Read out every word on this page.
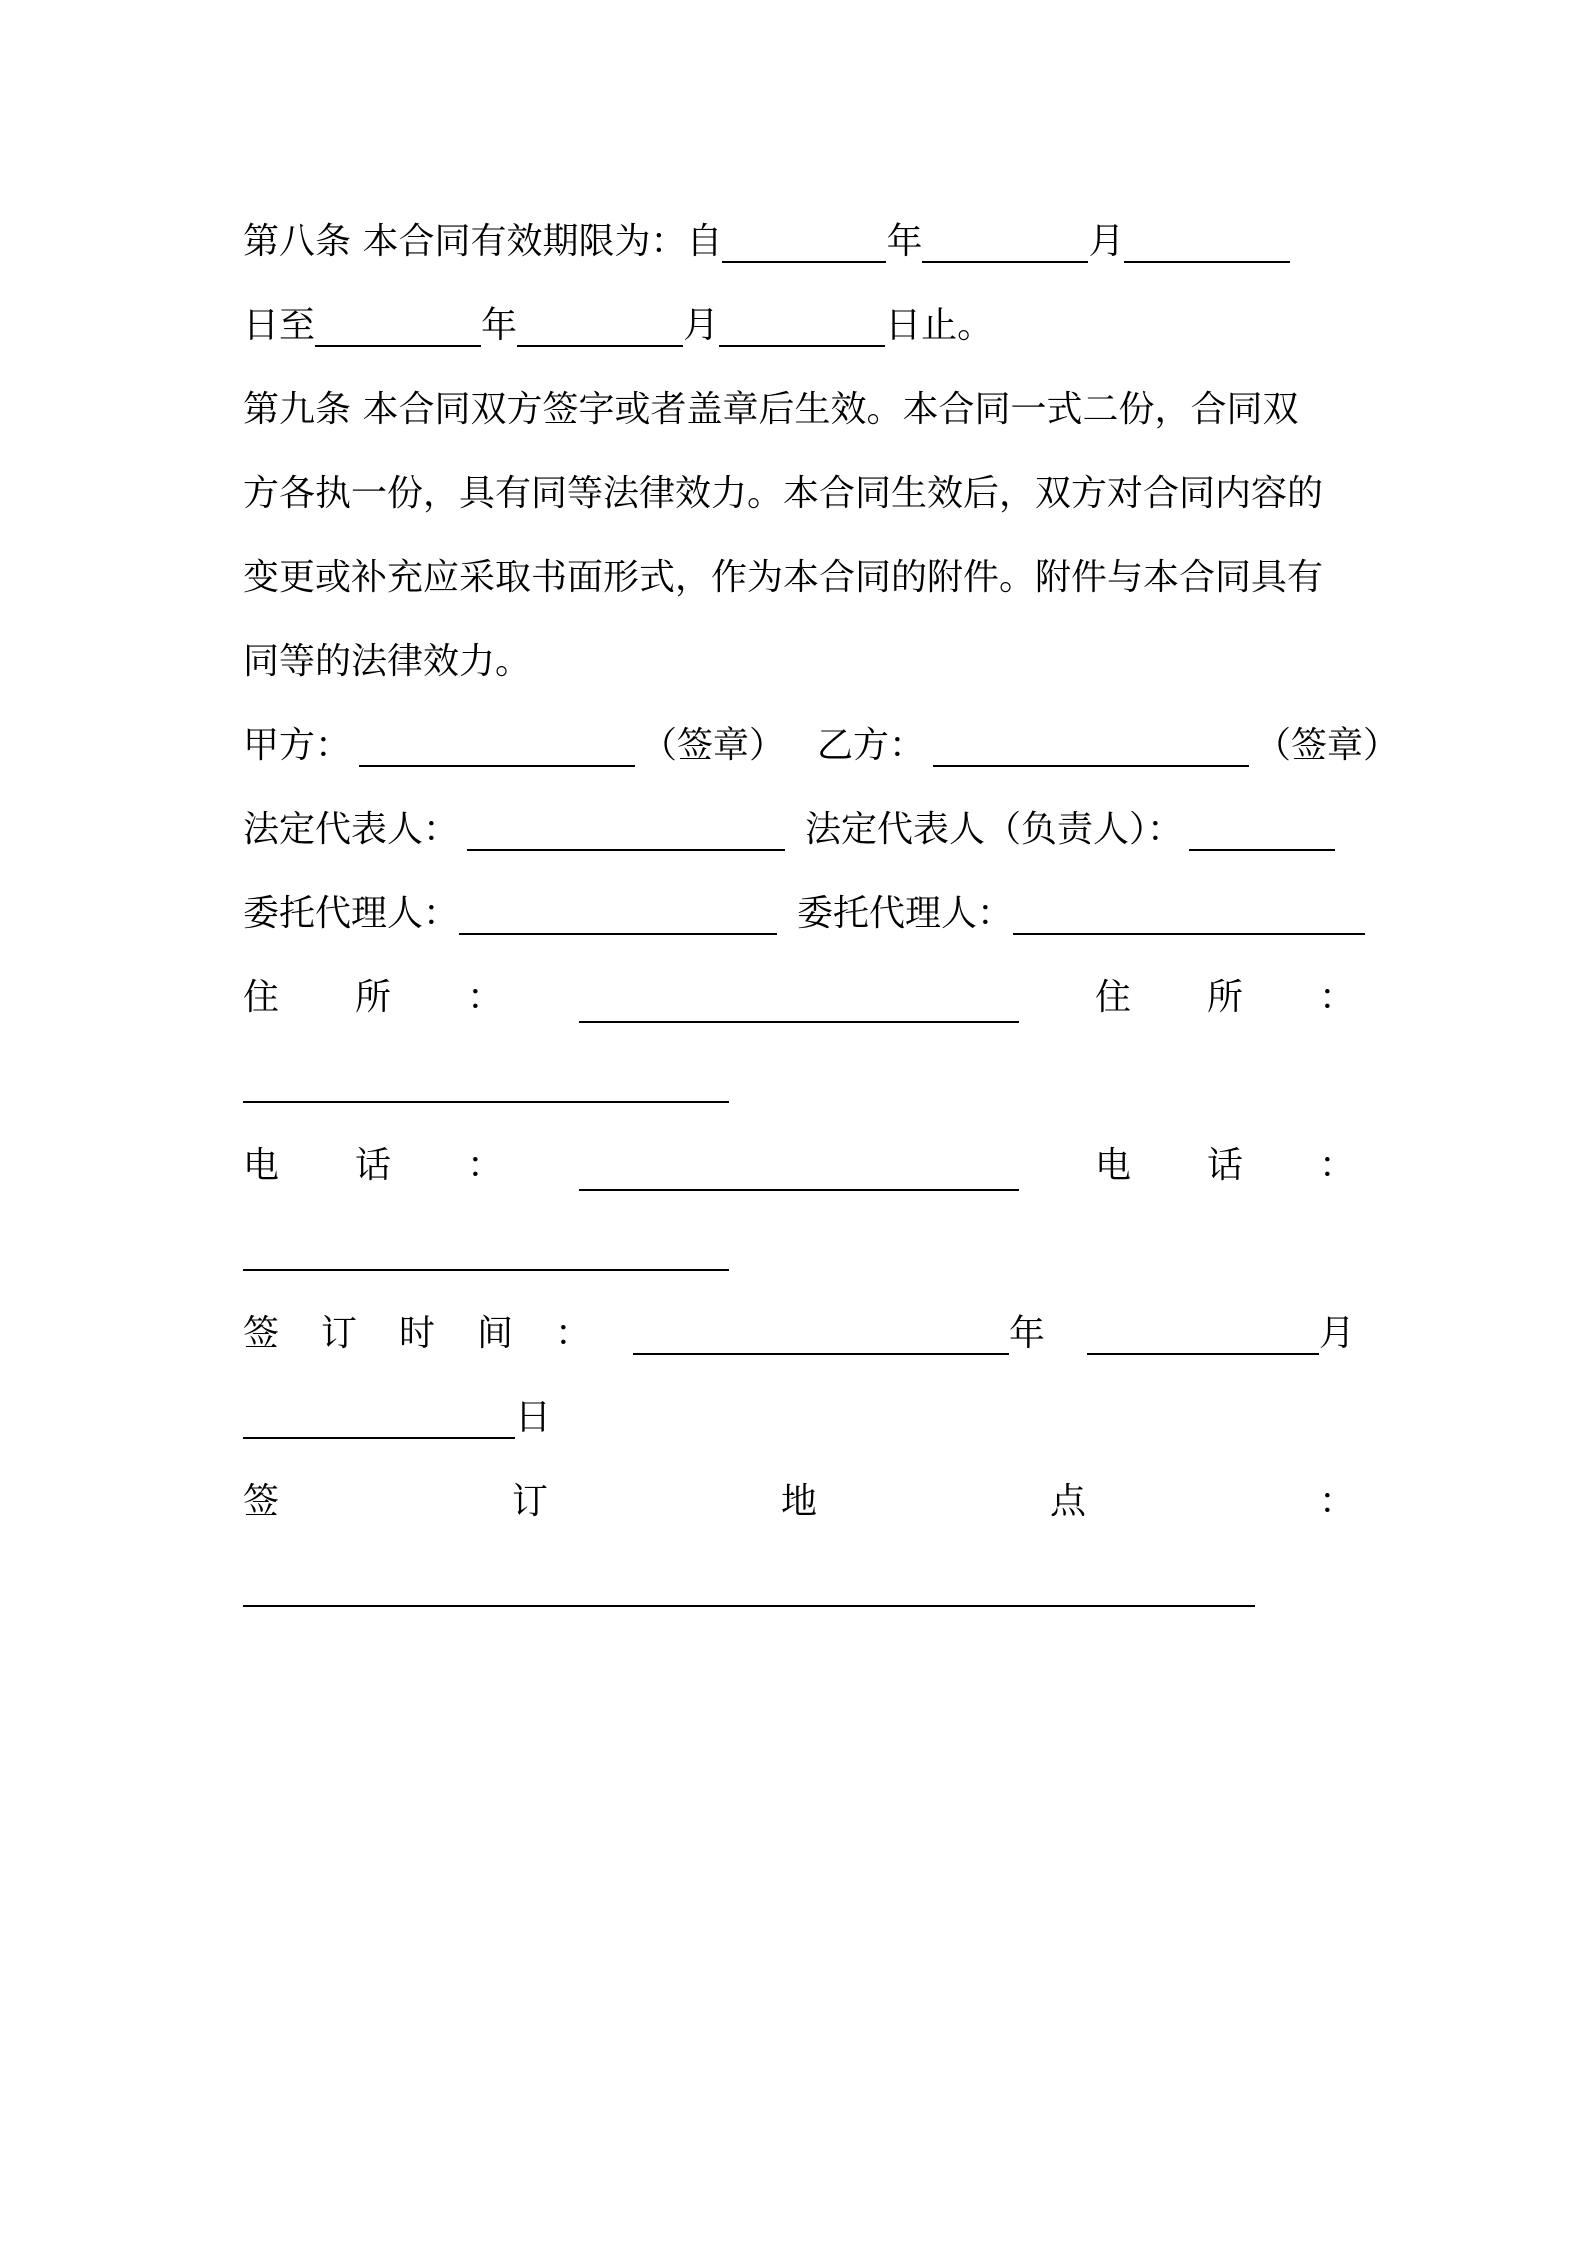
第八条 本合同有效期限为：自	年	月
日至	年	月	日止。
第九条 本合同双方签字或者盖章后生效。本合同一式二份，合同双
方各执一份，具有同等法律效力。本合同生效后，双方对合同内容的
变更或补充应采取书面形式，作为本合同的附件。附件与本合同具有
同等的法律效力。
甲方：	（签章） 乙方：	（签章）
法定代表人：	法定代表人（负责人）：
委托代理人：	委托代理人：
住 所 ：	住 所 ：
电 话 ：	电 话 ：
签 订 时 间 ：	年	月
日
签	订	地	点	：
